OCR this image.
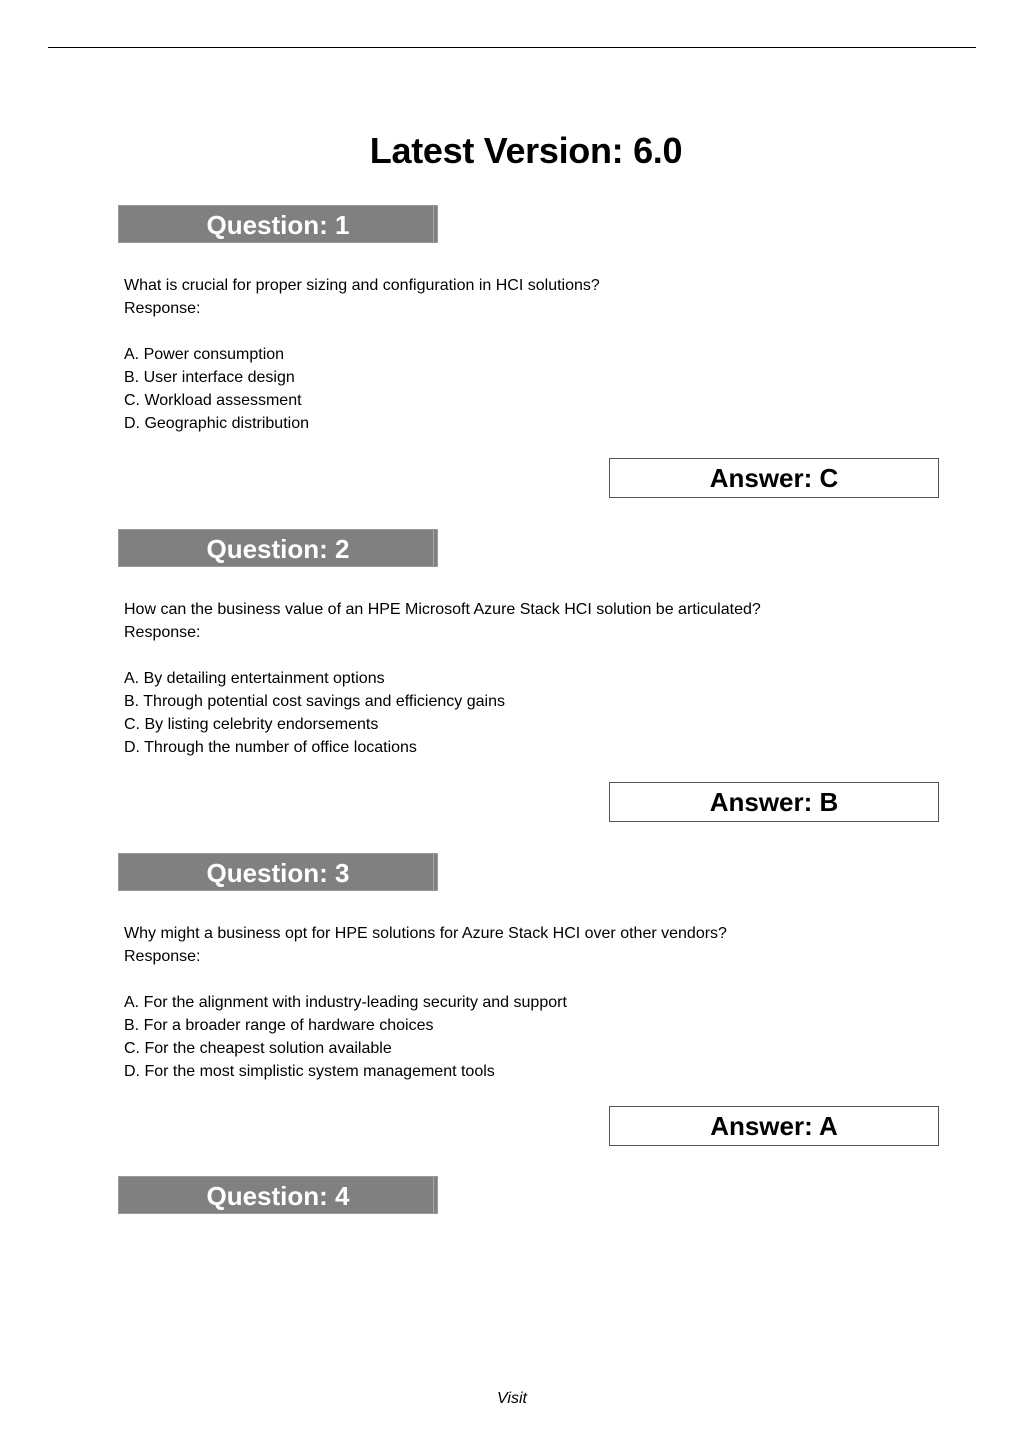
Latest Version: 6.0
Question: 1
What is crucial for proper sizing and configuration in HCI solutions?
Response:
A. Power consumption
B. User interface design
C. Workload assessment
D. Geographic distribution
Answer: C
Question: 2
How can the business value of an HPE Microsoft Azure Stack HCI solution be articulated?
Response:
A. By detailing entertainment options
B. Through potential cost savings and efficiency gains
C. By listing celebrity endorsements
D. Through the number of office locations
Answer: B
Question: 3
Why might a business opt for HPE solutions for Azure Stack HCI over other vendors?
Response:
A. For the alignment with industry-leading security and support
B. For a broader range of hardware choices
C. For the cheapest solution available
D. For the most simplistic system management tools
Answer: A
Question: 4
Visit
